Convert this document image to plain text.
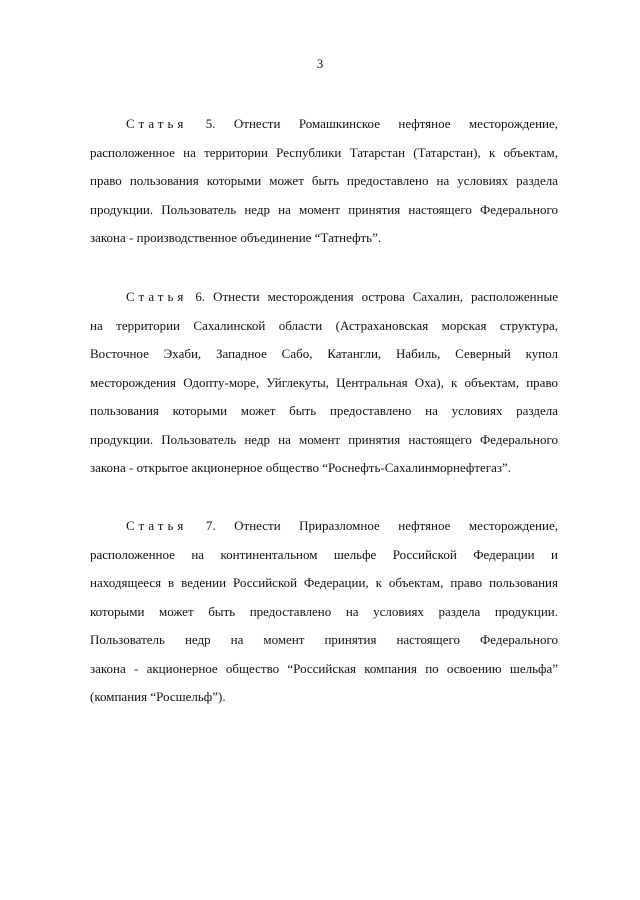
3
Статья 5. Отнести Ромашкинское нефтяное месторождение,
расположенное на территории Республики Татарстан (Татарстан), к объектам,
право пользования которыми может быть предоставлено на условиях раздела
продукции. Пользователь недр на момент принятия настоящего Федерального
закона - производственное объединение “Татнефть”.
Статья 6. Отнести месторождения острова Сахалин, расположенные
на территории Сахалинской области (Астрахановская морская структура,
Восточное Эхаби, Западное Сабо, Катангли, Набиль, Северный купол
месторождения Одопту-море, Уйглекуты, Центральная Оха), к объектам, право
пользования которыми может быть предоставлено на условиях раздела
продукции. Пользователь недр на момент принятия настоящего Федерального
закона - открытое акционерное общество “Роснефть-Сахалинморнефтегаз”.
Статья 7. Отнести Приразломное нефтяное месторождение,
расположенное на континентальном шельфе Российской Федерации и
находящееся в ведении Российской Федерации, к объектам, право пользования
которыми может быть предоставлено на условиях раздела продукции.
Пользователь недр на момент принятия настоящего Федерального
закона - акционерное общество “Российская компания по освоению шельфа”
(компания “Росшельф”).
